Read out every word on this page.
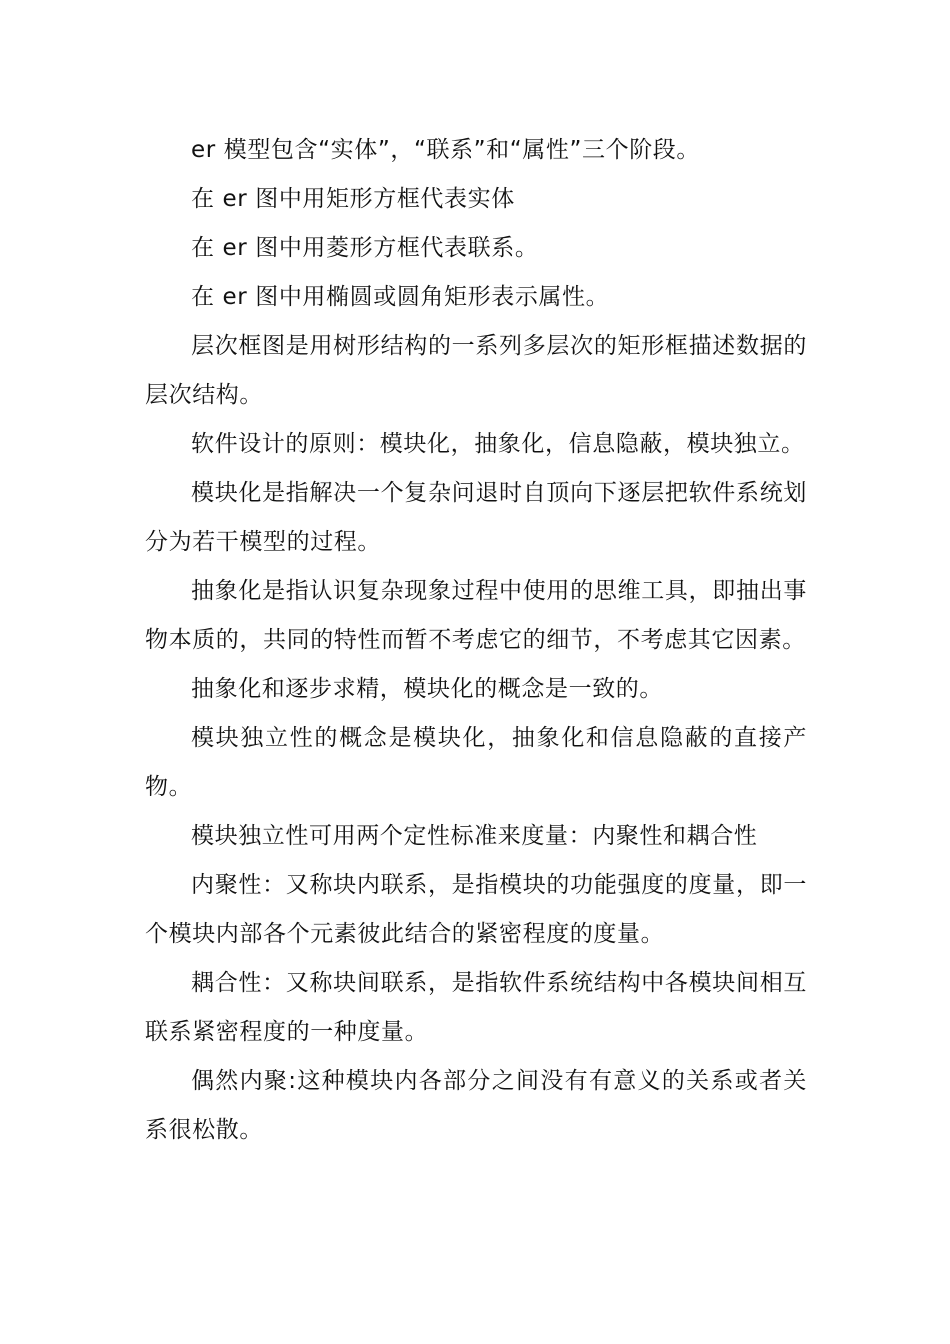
er 模型包含“实体”，“联系”和“属性”三个阶段。

在 er 图中用矩形方框代表实体

在 er 图中用菱形方框代表联系。

在 er 图中用椭圆或圆角矩形表示属性。

层次框图是用树形结构的一系列多层次的矩形框描述数据的层次结构。

软件设计的原则：模块化，抽象化，信息隐蔽，模块独立。

模块化是指解决一个复杂问退时自顶向下逐层把软件系统划分为若干模型的过程。

抽象化是指认识复杂现象过程中使用的思维工具，即抽出事物本质的，共同的特性而暂不考虑它的细节，不考虑其它因素。

抽象化和逐步求精，模块化的概念是一致的。

模块独立性的概念是模块化，抽象化和信息隐蔽的直接产物。

模块独立性可用两个定性标准来度量：内聚性和耦合性

内聚性：又称块内联系，是指模块的功能强度的度量，即一个模块内部各个元素彼此结合的紧密程度的度量。

耦合性：又称块间联系，是指软件系统结构中各模块间相互联系紧密程度的一种度量。

偶然内聚:这种模块内各部分之间没有有意义的关系或者关系很松散。
